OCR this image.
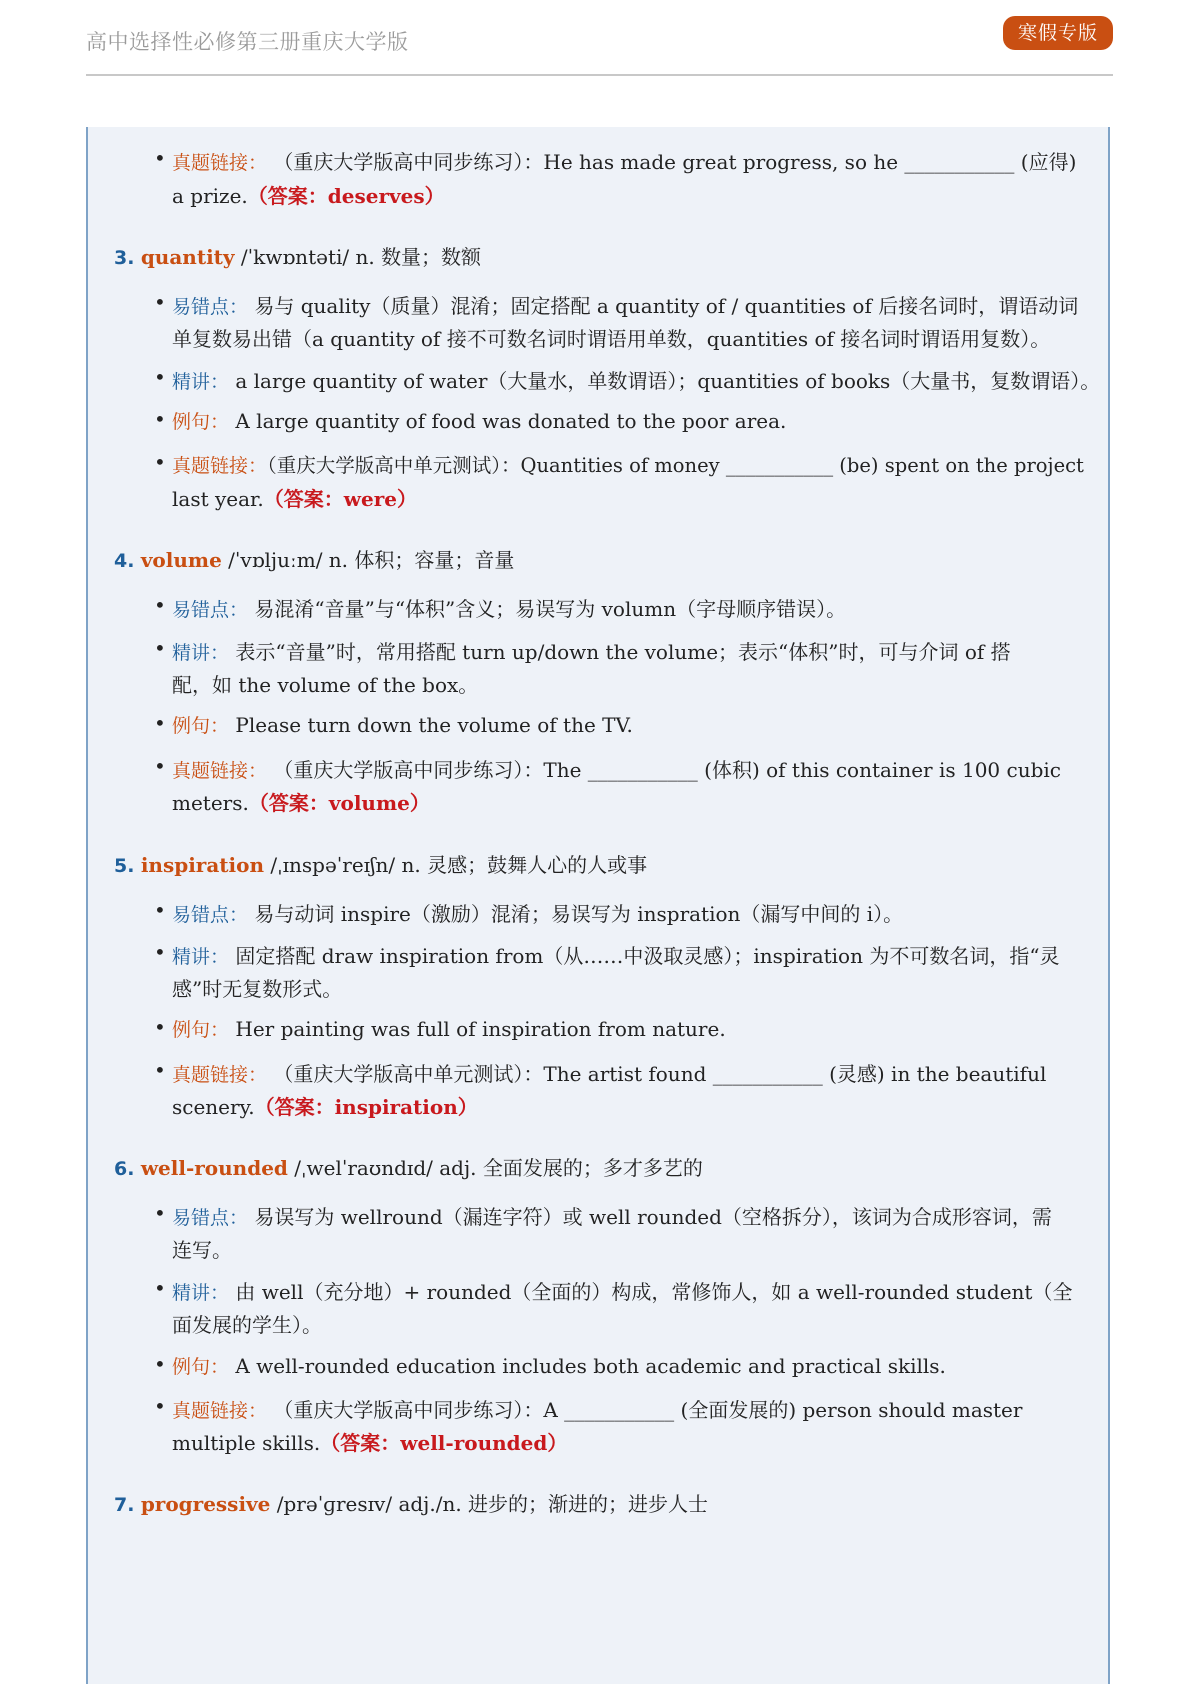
高中选择性必修第三册重庆大学版	寒假专版
• 真题链接： （重庆大学版高中同步练习）：He has made great progress, so he ___________ (应得)
a prize.（答案：deserves）
3. quantity /ˈkwɒntəti/ n. 数量；数额
• 易错点： 易与 quality（质量）混淆；固定搭配 a quantity of / quantities of 后接名词时，谓语动词
单复数易出错（a quantity of 接不可数名词时谓语用单数，quantities of 接名词时谓语用复数）。
• 精讲： a large quantity of water（大量水，单数谓语）；quantities of books（大量书，复数谓语）。
• 例句： A large quantity of food was donated to the poor area.
• 真题链接：（重庆大学版高中单元测试）：Quantities of money ___________ (be) spent on the project
last year.（答案：were）
4. volume /ˈvɒljuːm/ n. 体积；容量；音量
• 易错点： 易混淆“音量”与“体积”含义；易误写为 volumn（字母顺序错误）。
• 精讲： 表示“音量”时，常用搭配 turn up/down the volume；表示“体积”时，可与介词 of 搭
配，如 the volume of the box。
• 例句： Please turn down the volume of the TV.
• 真题链接： （重庆大学版高中同步练习）：The ___________ (体积) of this container is 100 cubic
meters.（答案：volume）
5. inspiration /ˌɪnspəˈreɪʃn/ n. 灵感；鼓舞人心的人或事
• 易错点： 易与动词 inspire（激励）混淆；易误写为 inspration（漏写中间的 i）。
• 精讲： 固定搭配 draw inspiration from（从……中汲取灵感）；inspiration 为不可数名词，指“灵
感”时无复数形式。
• 例句： Her painting was full of inspiration from nature.
• 真题链接： （重庆大学版高中单元测试）：The artist found ___________ (灵感) in the beautiful
scenery.（答案：inspiration）
6. well-rounded /ˌwelˈraʊndɪd/ adj. 全面发展的；多才多艺的
• 易错点： 易误写为 wellround（漏连字符）或 well rounded（空格拆分），该词为合成形容词，需
连写。
• 精讲： 由 well（充分地）+ rounded（全面的）构成，常修饰人，如 a well-rounded student（全
面发展的学生）。
• 例句： A well-rounded education includes both academic and practical skills.
• 真题链接： （重庆大学版高中同步练习）：A ___________ (全面发展的) person should master
multiple skills.（答案：well-rounded）
7. progressive /prəˈɡresɪv/ adj./n. 进步的；渐进的；进步人士
